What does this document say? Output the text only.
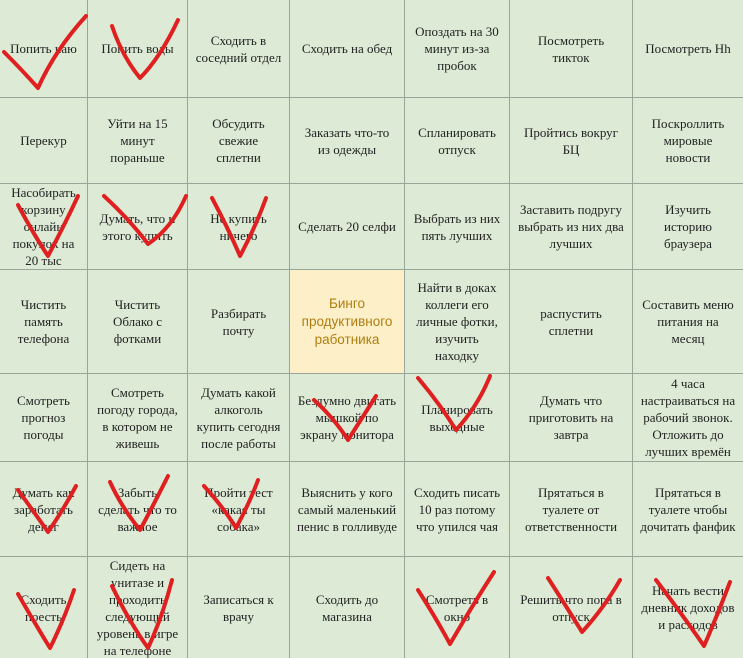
Попить чаю Попить воды
Сходить в
соседний отдел
Сходить на обед
Опоздать на 30
минут из-за
пробок
Посмотреть
тикток
Посмотреть Hh
Перекур
Уйти на 15
минут
пораньше
Обсудить
свежие
сплетни
Заказать что-то
из одежды
Спланировать
отпуск
Пройтись вокруг
БЦ
Поскроллить
мировые
новости
Насобирать
корзину
онлайн
покупок на
20 тыс
Думать, что и
этого купить
Не купить
ничего
Сделать 20 селфи
Выбрать из них
пять лучших
Заставить подругу
выбрать из них два
лучших
Изучить
историю
браузера
Чистить
память
телефона
Чистить
Облако с
фотками
Разбирать
почту
Бинго
продуктивного
работника
Найти в доках
коллеги его
личные фотки,
изучить
находку
распустить
сплетни
Составить меню
питания на
месяц
Смотреть
прогноз
погоды
Смотреть
погоду города,
в котором не
живешь
Думать какой
алкоголь
купить сегодня
после работы
Бездумно двигать
мышкой по
экрану монитора
Планировать
выходные
Думать что
приготовить на
завтра
4 часа
настраиваться на
рабочий звонок.
Отложить до
лучших времён
Думать как
заработать
денег
Забыть
сделать что то
важное
Пройти тест
«какая ты
собака»
Выяснить у кого
самый маленький
пенис в голливуде
Сходить писать
10 раз потому
что упился чая
Прятаться в
туалете от
ответственности
Прятаться в
туалете чтобы
дочитать фанфик
Сходить
поесть
Сидеть на
унитазе и
проходить
следующий
уровень в игре
на телефоне
Записаться к
врачу
Сходить до
магазина
Смотреть в
окно
Решить что пора в
отпуск
Начать вести
дневник доходов
и расходов
